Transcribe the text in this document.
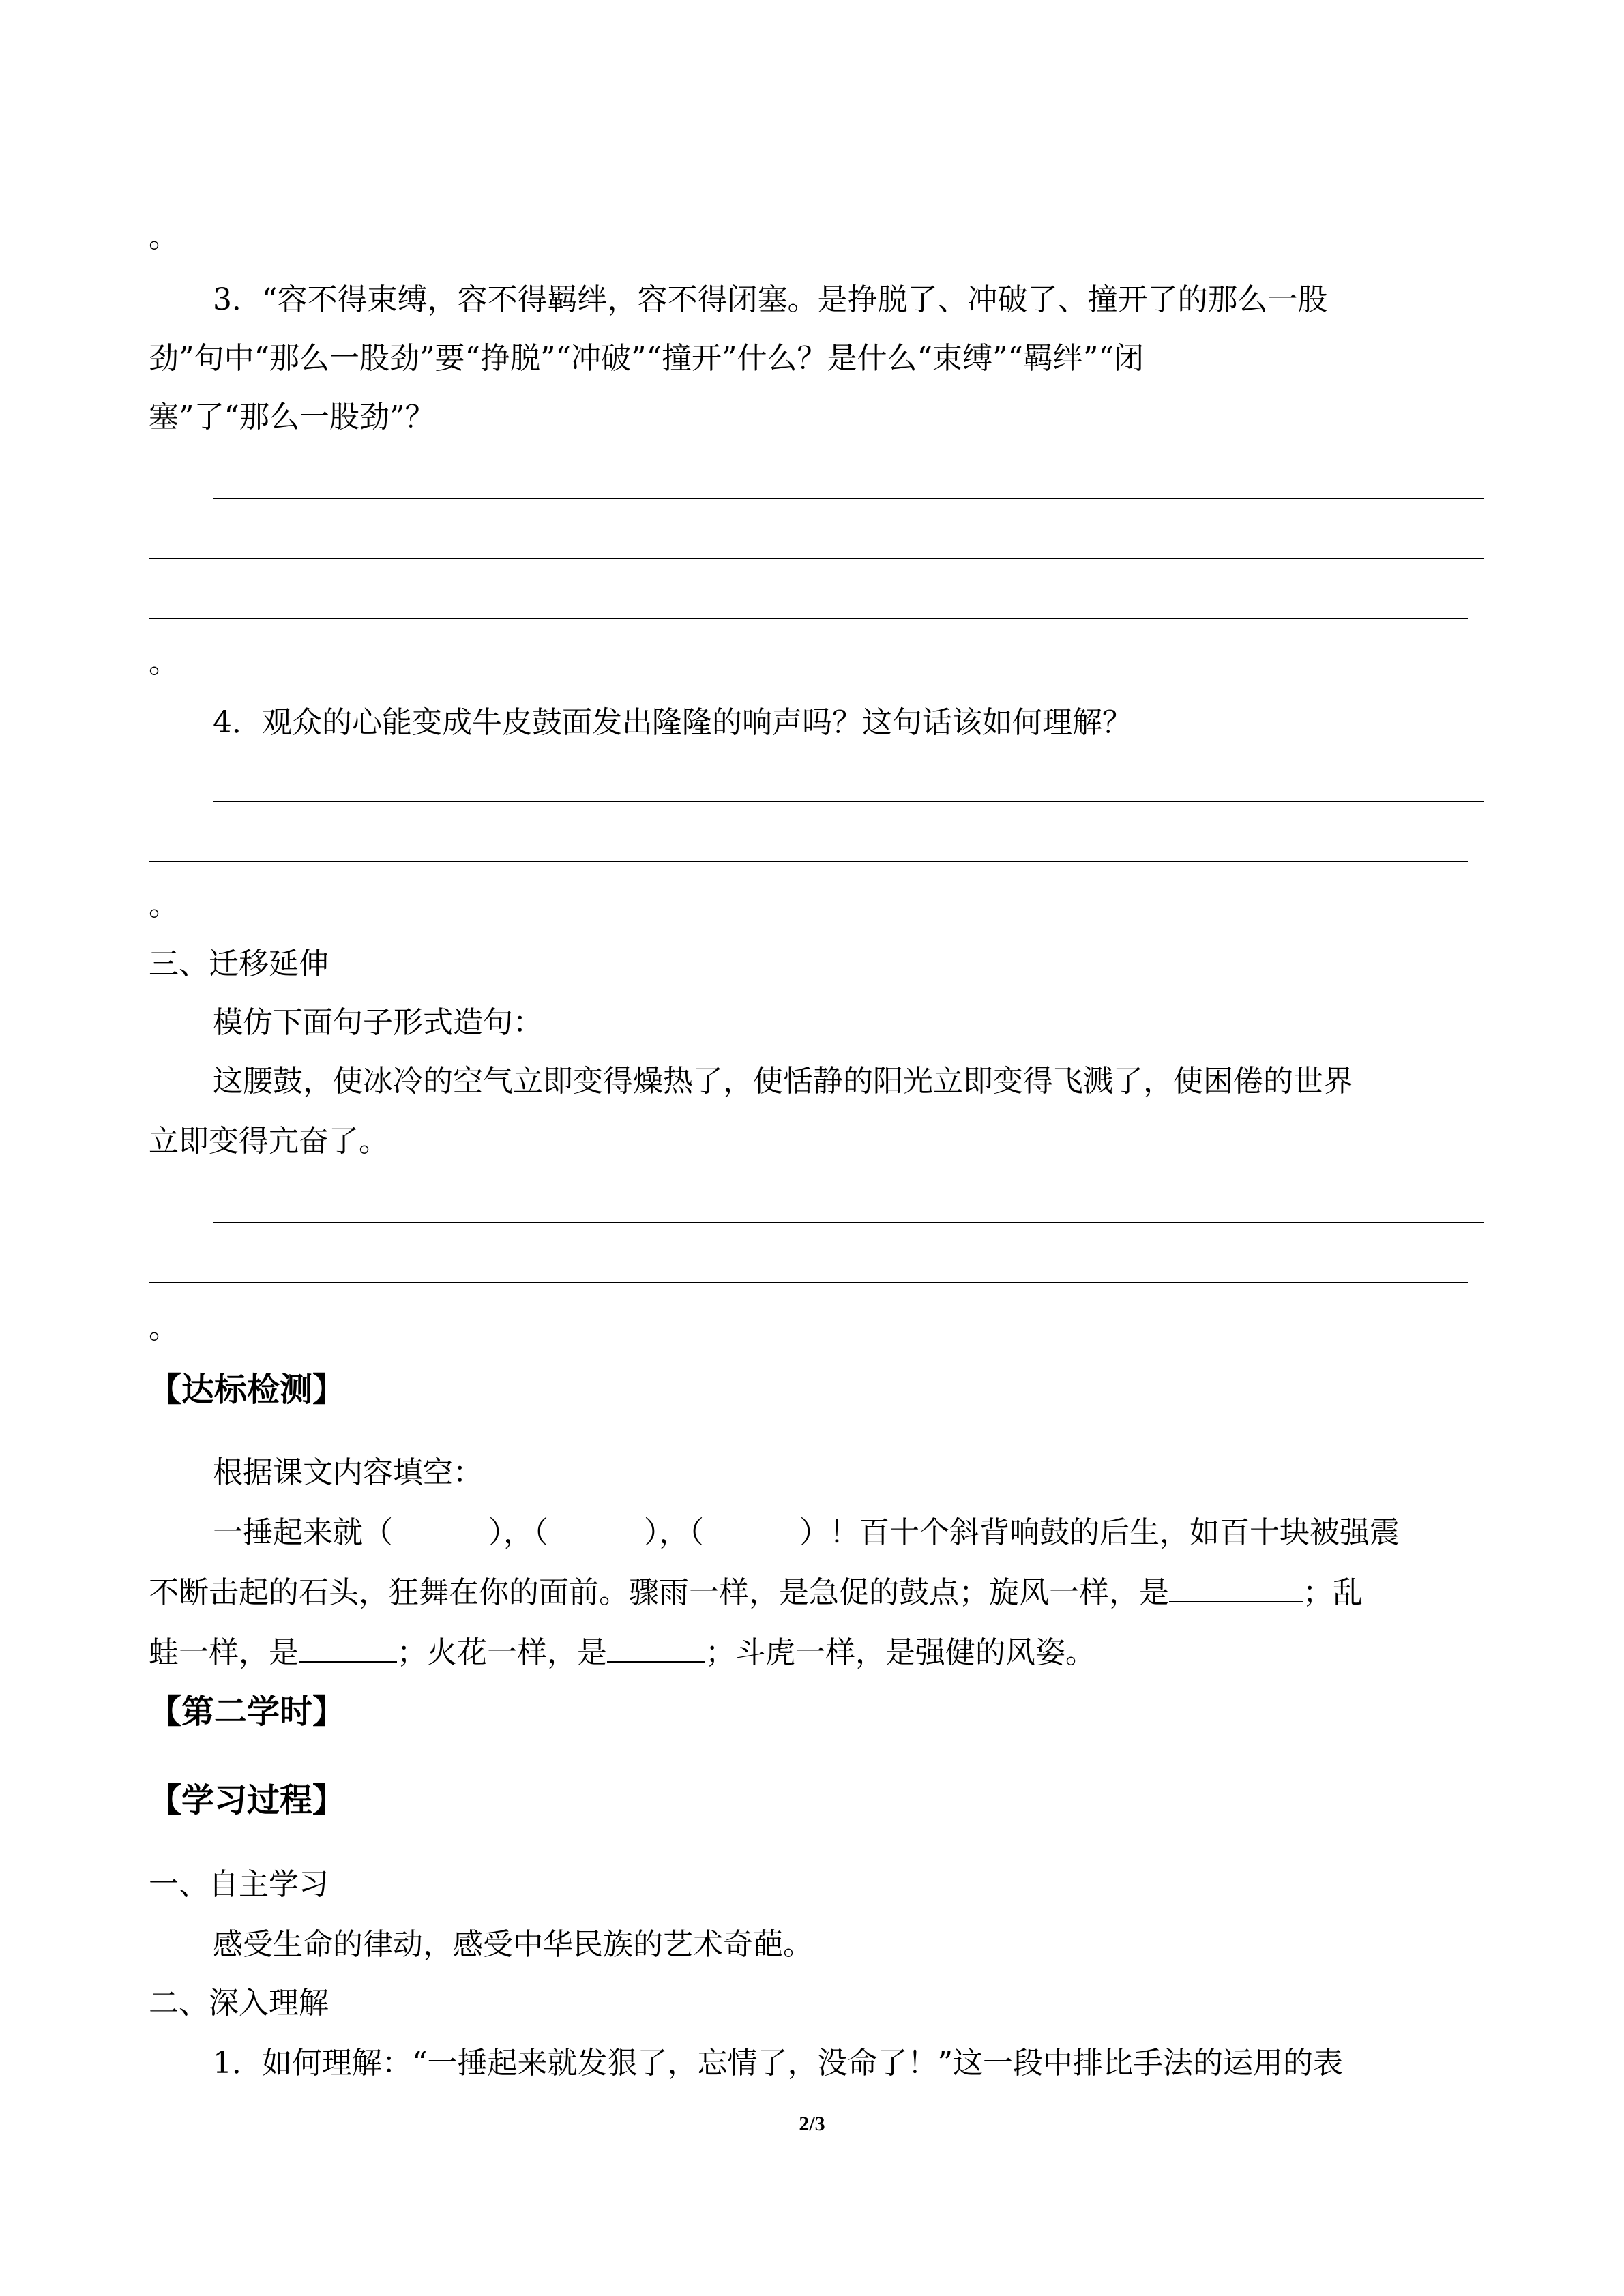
。
3．“容不得束缚，容不得羁绊，容不得闭塞。是挣脱了、冲破了、撞开了的那么一股
劲”句中“那么一股劲”要“挣脱”“冲破”“撞开”什么？是什么“束缚”“羁绊”“闭
塞”了“那么一股劲”？
。
4．观众的心能变成牛皮鼓面发出隆隆的响声吗？这句话该如何理解？
。
三、迁移延伸
模仿下面句子形式造句：
这腰鼓，使冰冷的空气立即变得燥热了，使恬静的阳光立即变得飞溅了，使困倦的世界
立即变得亢奋了。
。
【达标检测】
根据课文内容填空：
一捶起来就（	），（	），（	）！百十个斜背响鼓的后生，如百十块被强震
不断击起的石头，狂舞在你的面前。骤雨一样，是急促的鼓点；旋风一样，是	；乱
蛙一样，是	；火花一样，是	；斗虎一样，是强健的风姿。
【第二学时】
【学习过程】
一、自主学习
感受生命的律动，感受中华民族的艺术奇葩。
二、深入理解
1．如何理解：“一捶起来就发狠了，忘情了，没命了！”这一段中排比手法的运用的表
2/3
